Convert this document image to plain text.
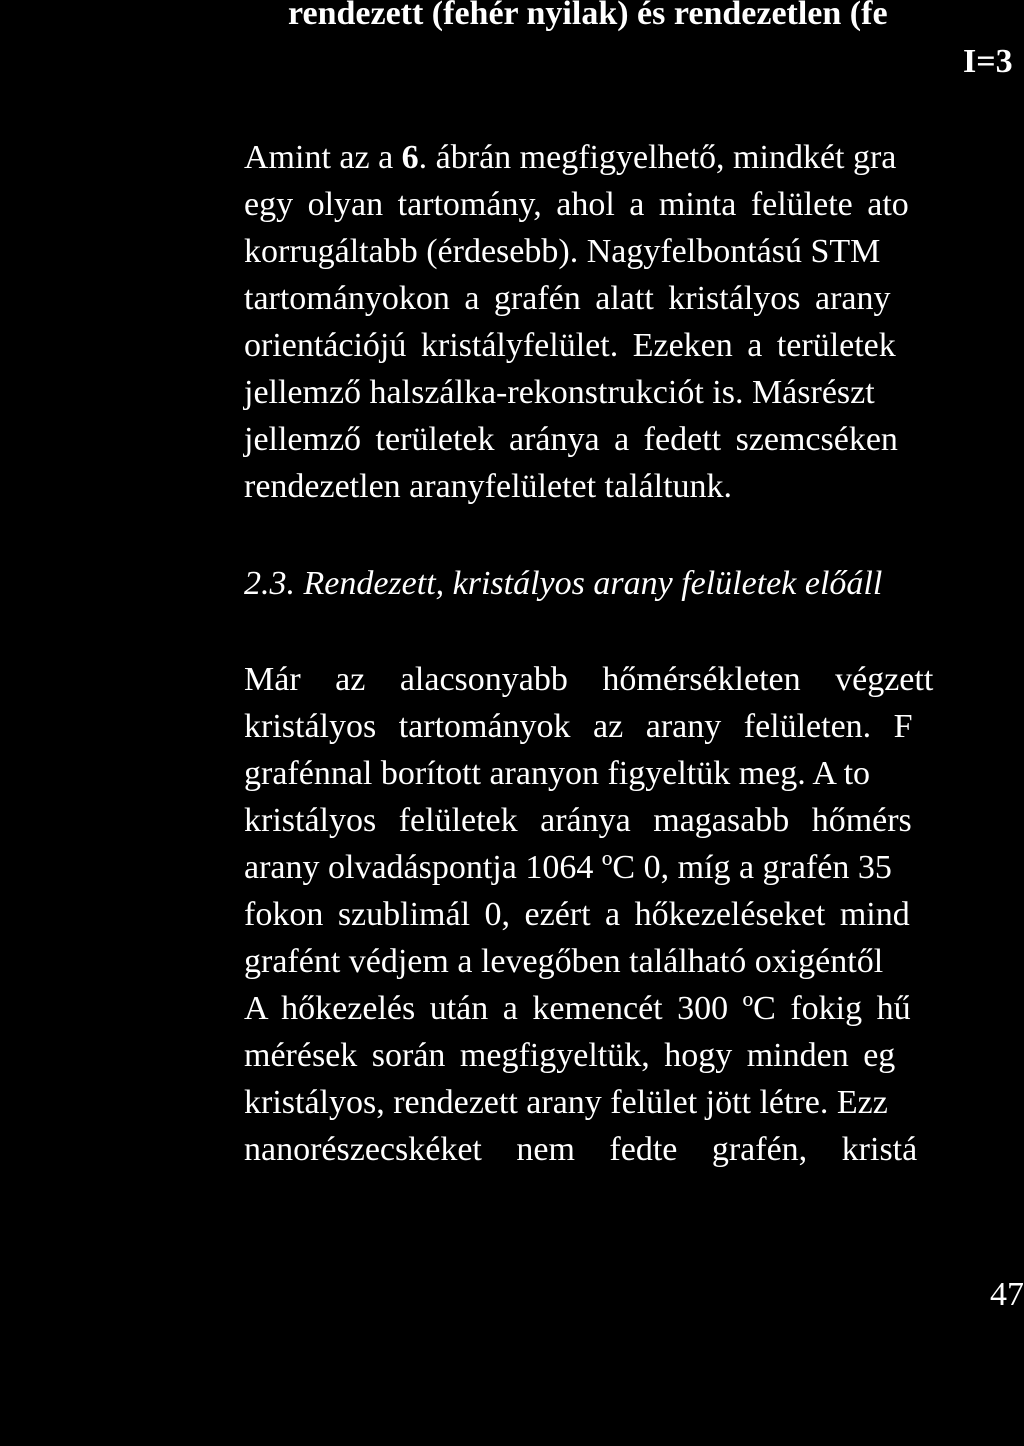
rendezett (fehér nyilak) és rendezetlen (fe
I=3
Amint az a 6. ábrán megfigyelhető, mindkét gra
egy olyan tartomány, ahol a minta felülete ato
korrugáltabb (érdesebb). Nagyfelbontású STM
tartományokon a grafén alatt kristályos arany
orientációjú kristályfelület. Ezeken a területek
jellemző halszálka-rekonstrukciót is. Másrészt
jellemző területek aránya a fedett szemcséken
rendezetlen aranyfelületet találtunk.
2.3. Rendezett, kristályos arany felületek előáll
Már az alacsonyabb hőmérsékleten végzett
kristályos tartományok az arany felületen. F
grafénnal borított aranyon figyeltük meg. A to
kristályos felületek aránya magasabb hőmérs
arany olvadáspontja 1064 ºC 0, míg a grafén 35
fokon szublimál 0, ezért a hőkezeléseket mind
grafént védjem a levegőben található oxigéntől
A hőkezelés után a kemencét 300 ºC fokig hű
mérések során megfigyeltük, hogy minden eg
kristályos, rendezett arany felület jött létre. Ezz
nanorészecskéket nem fedte grafén, kristá
47
